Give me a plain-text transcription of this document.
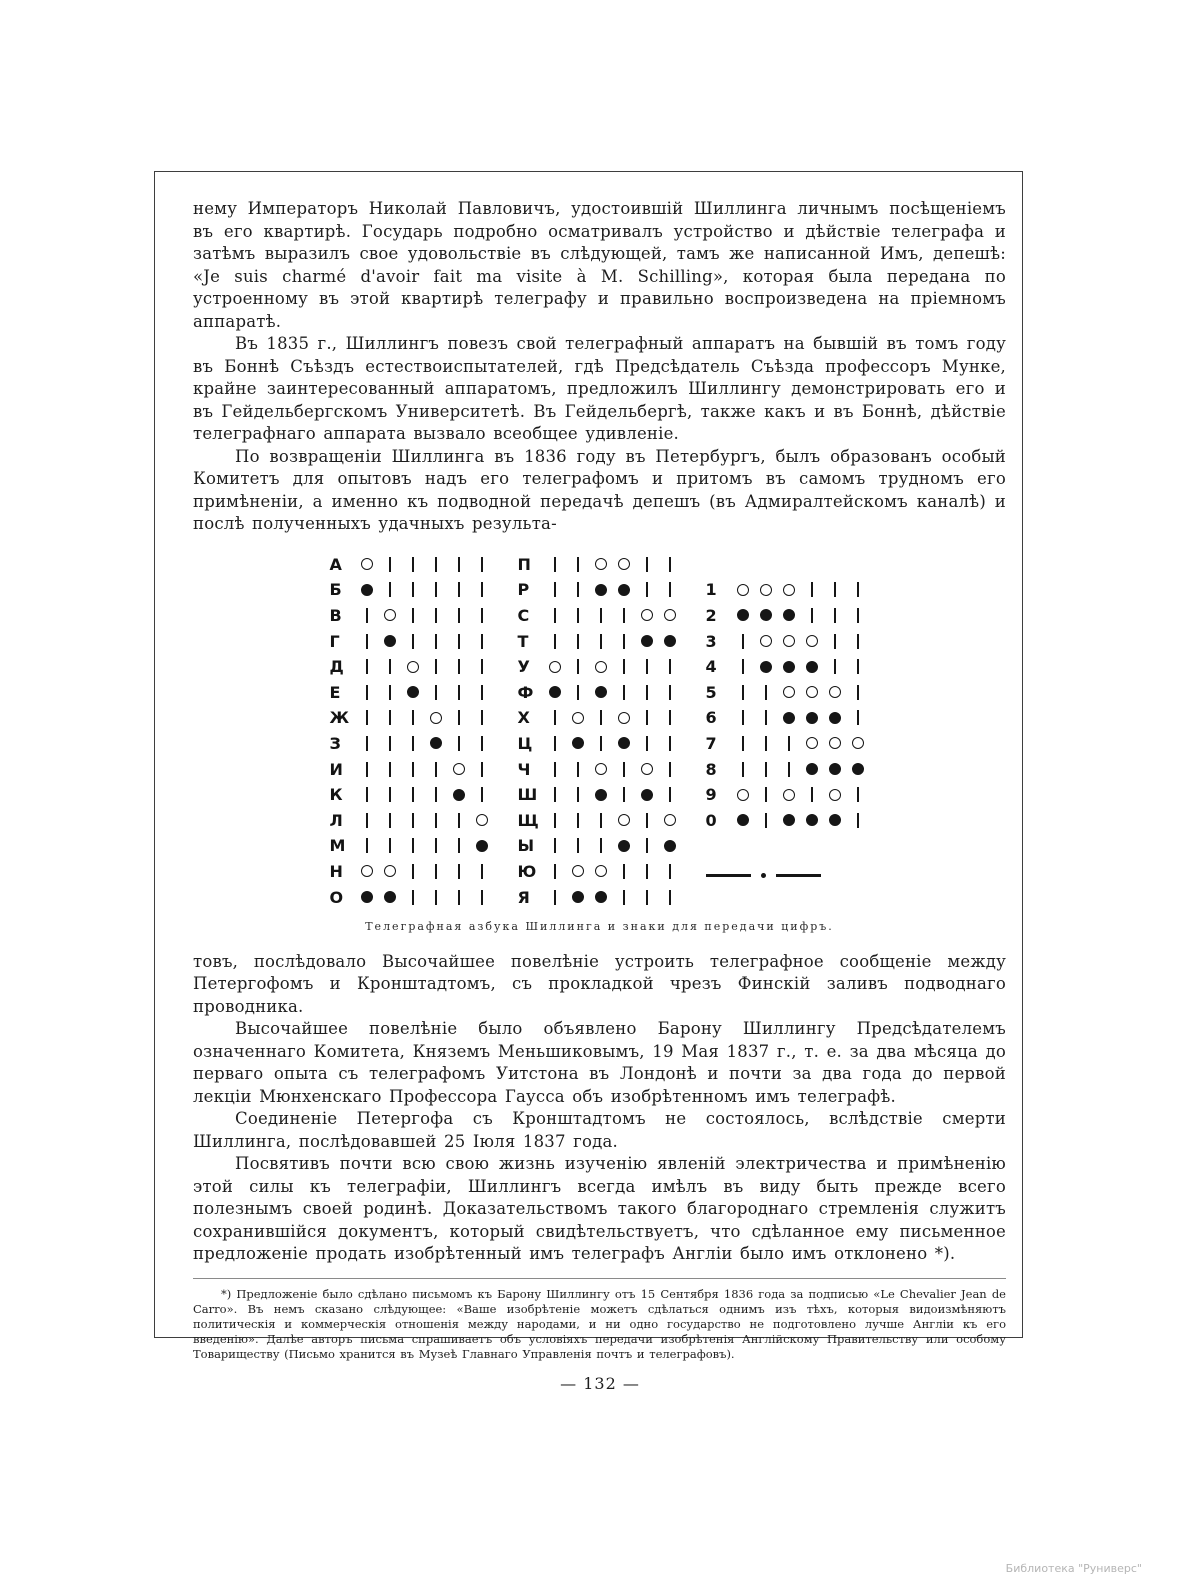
нему Императоръ Николай Павловичъ, удостоившій Шиллинга личнымъ посѣщеніемъ въ его квартирѣ. Государь подробно осматривалъ устройство и дѣйствіе телеграфа и затѣмъ выразилъ свое удовольствіе въ слѣдующей, тамъ же написанной Имъ, депешѣ: «Je suis charmé d'avoir fait ma visite à M. Schilling», которая была передана по устроенному въ этой квартирѣ телеграфу и правильно воспроизведена на пріемномъ аппаратѣ.

Въ 1835 г., Шиллингъ повезъ свой телеграфный аппаратъ на бывшій въ томъ году въ Боннѣ Съѣздъ естествоиспытателей, гдѣ Предсѣдатель Съѣзда профессоръ Мунке, крайне заинтересованный аппаратомъ, предложилъ Шиллингу демонстрировать его и въ Гейдельбергскомъ Университетѣ. Въ Гейдельбергѣ, также какъ и въ Боннѣ, дѣйствіе телеграфнаго аппарата вызвало всеобщее удивленіе.

По возвращеніи Шиллинга въ 1836 году въ Петербургъ, былъ образованъ особый Комитетъ для опытовъ надъ его телеграфомъ и притомъ въ самомъ трудномъ его примѣненіи, а именно къ подводной передачѣ депешъ (въ Адмиралтейскомъ каналѣ) и послѣ полученныхъ удачныхъ результа-

А
Б
В
Г
Д
Е
Ж
З
И
К
Л
М
Н
О
П
Р
С
Т
У
Ф
Х
Ц
Ч
Ш
Щ
Ы
Ю
Я
1
2
3
4
5
6
7
8
9
0
Телеграфная азбука Шиллинга и знаки для передачи цифръ.

товъ, послѣдовало Высочайшее повелѣніе устроить телеграфное сообщеніе между Петергофомъ и Кронштадтомъ, съ прокладкой чрезъ Финскій заливъ подводнаго проводника.

Высочайшее повелѣніе было объявлено Барону Шиллингу Предсѣдателемъ означеннаго Комитета, Княземъ Меньшиковымъ, 19 Мая 1837 г., т. е. за два мѣсяца до перваго опыта съ телеграфомъ Уитстона въ Лондонѣ и почти за два года до первой лекціи Мюнхенскаго Профессора Гаусса объ изобрѣтенномъ имъ телеграфѣ.

Соединеніе Петергофа съ Кронштадтомъ не состоялось, вслѣдствіе смерти Шиллинга, послѣдовавшей 25 Іюля 1837 года.

Посвятивъ почти всю свою жизнь изученію явленій электричества и примѣненію этой силы къ телеграфіи, Шиллингъ всегда имѣлъ въ виду быть прежде всего полезнымъ своей родинѣ. Доказательствомъ такого благороднаго стремленія служитъ сохранившійся документъ, который свидѣтельствуетъ, что сдѣланное ему письменное предложеніе продать изобрѣтенный имъ телеграфъ Англіи было имъ отклонено *).

*) Предложеніе было сдѣлано письмомъ къ Барону Шиллингу отъ 15 Сентября 1836 года за подписью «Le Chevalier Jean de Carro». Въ немъ сказано слѣдующее: «Ваше изобрѣтеніе можетъ сдѣлаться однимъ изъ тѣхъ, которыя видоизмѣняютъ политическія и коммерческія отношенія между народами, и ни одно государство не подготовлено лучше Англіи къ его введенію». Далѣе авторъ письма спрашиваетъ объ условіяхъ передачи изобрѣтенія Англійскому Правительству или особому Товариществу (Письмо хранится въ Музеѣ Главнаго Управленія почтъ и телеграфовъ).

— 132 —
Библиотека "Руниверс"
